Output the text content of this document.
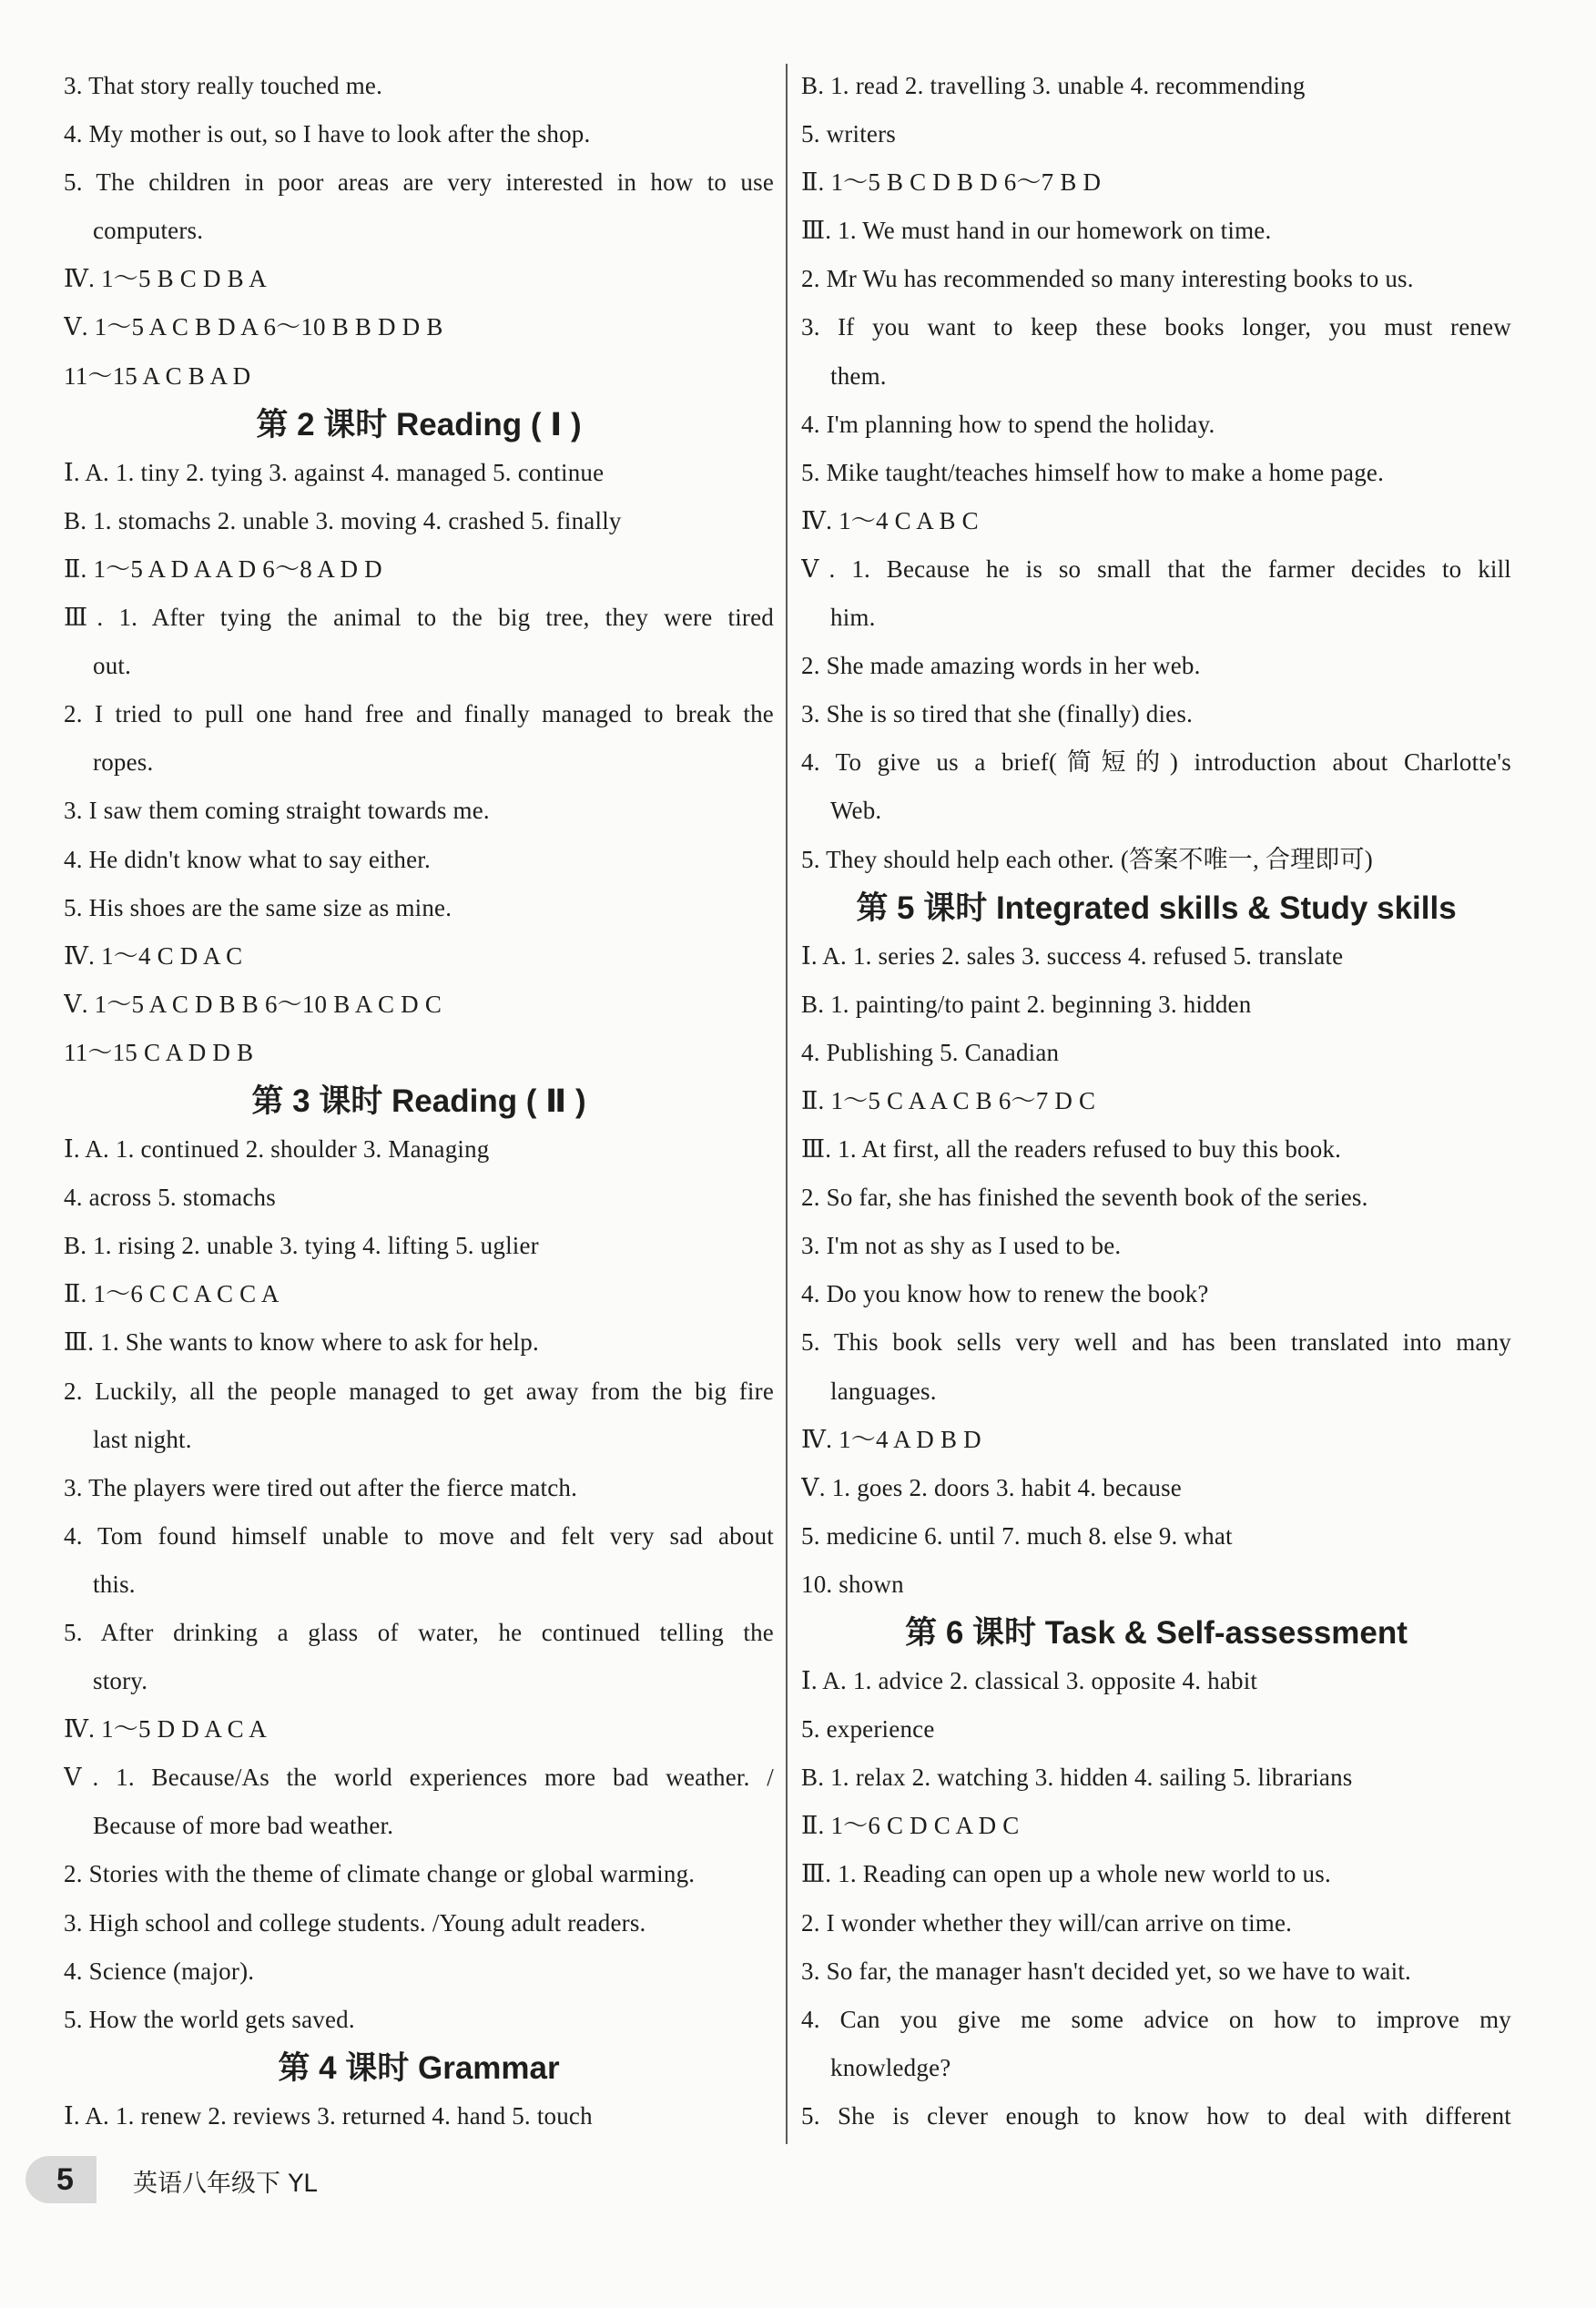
3. That story really touched me.
4. My mother is out, so I have to look after the shop.
5. The children in poor areas are very interested in how to use
computers.
Ⅳ. 1～5 B C D B A
Ⅴ. 1～5 A C B D A 6～10 B B D D B
11～15 A C B A D
第 2 课时 Reading ( Ⅰ )
Ⅰ. A. 1. tiny 2. tying 3. against 4. managed 5. continue
B. 1. stomachs 2. unable 3. moving 4. crashed 5. finally
Ⅱ. 1～5 A D A A D 6～8 A D D
Ⅲ. 1. After tying the animal to the big tree, they were tired
out.
2. I tried to pull one hand free and finally managed to break the
ropes.
3. I saw them coming straight towards me.
4. He didn't know what to say either.
5. His shoes are the same size as mine.
Ⅳ. 1～4 C D A C
Ⅴ. 1～5 A C D B B 6～10 B A C D C
11～15 C A D D B
第 3 课时 Reading ( Ⅱ )
Ⅰ. A. 1. continued 2. shoulder 3. Managing
4. across 5. stomachs
B. 1. rising 2. unable 3. tying 4. lifting 5. uglier
Ⅱ. 1～6 C C A C C A
Ⅲ. 1. She wants to know where to ask for help.
2. Luckily, all the people managed to get away from the big fire
last night.
3. The players were tired out after the fierce match.
4. Tom found himself unable to move and felt very sad about
this.
5. After drinking a glass of water, he continued telling the
story.
Ⅳ. 1～5 D D A C A
Ⅴ. 1. Because/As the world experiences more bad weather. /
Because of more bad weather.
2. Stories with the theme of climate change or global warming.
3. High school and college students. /Young adult readers.
4. Science (major).
5. How the world gets saved.
第 4 课时 Grammar
Ⅰ. A. 1. renew 2. reviews 3. returned 4. hand 5. touch
B. 1. read 2. travelling 3. unable 4. recommending
5. writers
Ⅱ. 1～5 B C D B D 6～7 B D
Ⅲ. 1. We must hand in our homework on time.
2. Mr Wu has recommended so many interesting books to us.
3. If you want to keep these books longer, you must renew
them.
4. I'm planning how to spend the holiday.
5. Mike taught/teaches himself how to make a home page.
Ⅳ. 1～4 C A B C
Ⅴ. 1. Because he is so small that the farmer decides to kill
him.
2. She made amazing words in her web.
3. She is so tired that she (finally) dies.
4. To give us a brief(简短的) introduction about Charlotte's
Web.
5. They should help each other. (答案不唯一, 合理即可)
第 5 课时 Integrated skills & Study skills
Ⅰ. A. 1. series 2. sales 3. success 4. refused 5. translate
B. 1. painting/to paint 2. beginning 3. hidden
4. Publishing 5. Canadian
Ⅱ. 1～5 C A A C B 6～7 D C
Ⅲ. 1. At first, all the readers refused to buy this book.
2. So far, she has finished the seventh book of the series.
3. I'm not as shy as I used to be.
4. Do you know how to renew the book?
5. This book sells very well and has been translated into many
languages.
Ⅳ. 1～4 A D B D
Ⅴ. 1. goes 2. doors 3. habit 4. because
5. medicine 6. until 7. much 8. else 9. what
10. shown
第 6 课时 Task & Self-assessment
Ⅰ. A. 1. advice 2. classical 3. opposite 4. habit
5. experience
B. 1. relax 2. watching 3. hidden 4. sailing 5. librarians
Ⅱ. 1～6 C D C A D C
Ⅲ. 1. Reading can open up a whole new world to us.
2. I wonder whether they will/can arrive on time.
3. So far, the manager hasn't decided yet, so we have to wait.
4. Can you give me some advice on how to improve my
knowledge?
5. She is clever enough to know how to deal with different
5	英语八年级下 YL
